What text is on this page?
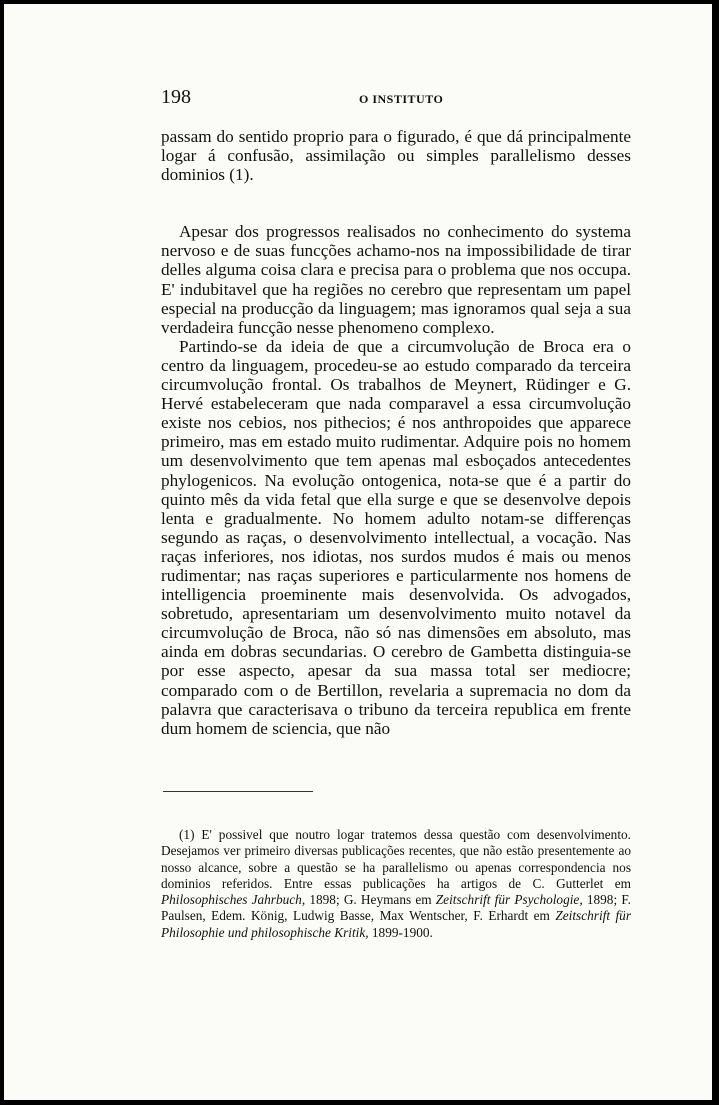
198	O INSTITUTO

passam do sentido proprio para o figurado, é que dá principalmente logar á confusão, assimilação ou simples parallelismo desses dominios (1).

Apesar dos progressos realisados no conhecimento do systema nervoso e de suas funcções achamo-nos na impossibilidade de tirar delles alguma coisa clara e precisa para o problema que nos occupa. E' indubitavel que ha regiões no cerebro que representam um papel especial na producção da linguagem; mas ignoramos qual seja a sua verdadeira funcção nesse phenomeno complexo.

Partindo-se da ideia de que a circumvolução de Broca era o centro da linguagem, procedeu-se ao estudo comparado da terceira circumvolução frontal. Os trabalhos de Meynert, Rüdinger e G. Hervé estabeleceram que nada comparavel a essa circumvolução existe nos cebios, nos pithecios; é nos anthropoides que apparece primeiro, mas em estado muito rudimentar. Adquire pois no homem um desenvolvimento que tem apenas mal esboçados antecedentes phylogenicos. Na evolução ontogenica, nota-se que é a partir do quinto mês da vida fetal que ella surge e que se desenvolve depois lenta e gradualmente. No homem adulto notam-se differenças segundo as raças, o desenvolvimento intellectual, a vocação. Nas raças inferiores, nos idiotas, nos surdos mudos é mais ou menos rudimentar; nas raças superiores e particularmente nos homens de intelligencia proeminente mais desenvolvida. Os advogados, sobretudo, apresentariam um desenvolvimento muito notavel da circumvolução de Broca, não só nas dimensões em absoluto, mas ainda em dobras secundarias. O cerebro de Gambetta distinguia-se por esse aspecto, apesar da sua massa total ser mediocre; comparado com o de Bertillon, revelaria a supremacia no dom da palavra que caracterisava o tribuno da terceira republica em frente dum homem de sciencia, que não

(1) E' possivel que noutro logar tratemos dessa questão com desenvolvimento. Desejamos ver primeiro diversas publicações recentes, que não estão presentemente ao nosso alcance, sobre a questão se ha parallelismo ou apenas correspondencia nos dominios referidos. Entre essas publicações ha artigos de C. Gutterlet em Philosophisches Jahrbuch, 1898; G. Heymans em Zeitschrift für Psychologie, 1898; F. Paulsen, Edem. König, Ludwig Basse, Max Wentscher, F. Erhardt em Zeitschrift für Philosophie und philosophische Kritik, 1899-1900.
